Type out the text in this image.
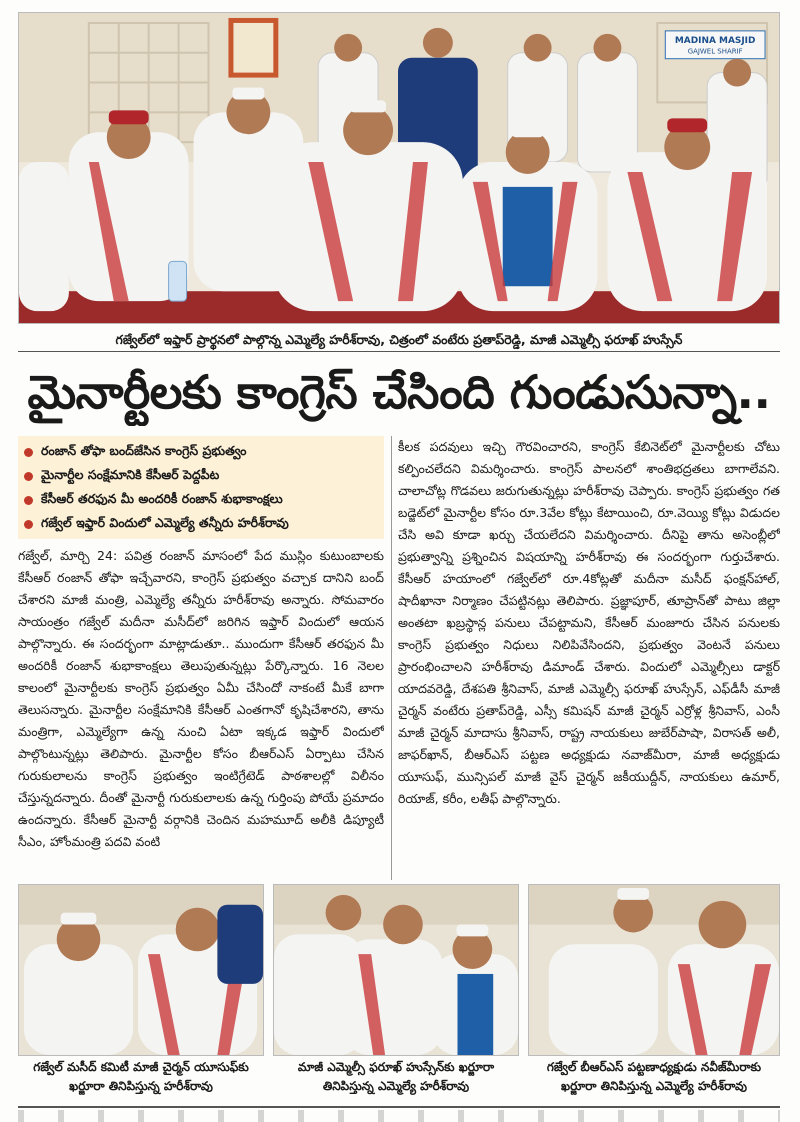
MADINA MASJID
GAJWEL SHARIF
గజ్వేల్‌లో ఇఫ్తార్ ప్రార్థనలో పాల్గొన్న ఎమ్మెల్యే హరీశ్‌రావు, చిత్రంలో వంటేరు ప్రతాప్‌రెడ్డి, మాజీ ఎమ్మెల్సీ ఫరూఖ్ హుస్సేన్
మైనార్టీలకు కాంగ్రెస్ చేసింది గుండుసున్నా..
రంజాన్ తోఫా బంద్‌జేసిన కాంగ్రెస్ ప్రభుత్వం
మైనార్టీల సంక్షేమానికి కేసీఆర్ పెద్దపీట
కేసీఆర్ తరఫున మీ అందరికీ రంజాన్ శుభాకాంక్షలు
గజ్వేల్ ఇఫ్తార్ విందులో ఎమ్మెల్యే తన్నీరు హరీశ్‌రావు

గజ్వేల్, మార్చి 24: పవిత్ర రంజాన్ మాసంలో పేద ముస్లిం కుటుంబాలకు కేసీఆర్ రంజాన్ తోఫా ఇచ్చేవారని, కాంగ్రెస్ ప్రభుత్వం వచ్చాక దానిని బంద్ చేశారని మాజీ మంత్రి, ఎమ్మెల్యే తన్నీరు హరీశ్‌రావు అన్నారు. సోమవారం సాయంత్రం గజ్వేల్ మదీనా మసీద్‌లో జరిగిన ఇఫ్తార్ విందులో ఆయన పాల్గొన్నారు. ఈ సందర్భంగా మాట్లాడుతూ.. ముందుగా కేసీఆర్ తరఫున మీ అందరికీ రంజాన్ శుభాకాంక్షలు తెలుపుతున్నట్లు పేర్కొన్నారు. 16 నెలల కాలంలో మైనార్టీలకు కాంగ్రెస్ ప్రభుత్వం ఏమీ చేసిందో నాకంటే మీకే బాగా తెలుసన్నారు. మైనార్టీల సంక్షేమానికి కేసీఆర్ ఎంతగానో కృషిచేశారని, తాను మంత్రిగా, ఎమ్మెల్యేగా ఉన్న నుంచి ఏటా ఇక్కడ ఇఫ్తార్ విందులో పాల్గొంటున్నట్లు తెలిపారు. మైనార్టీల కోసం బీఆర్‌ఎస్ ఏర్పాటు చేసిన గురుకులాలను కాంగ్రెస్ ప్రభుత్వం ఇంటిగ్రేటెడ్ పాఠశాలల్లో విలీనం చేస్తున్నదన్నారు. దీంతో మైనార్టీ గురుకులాలకు ఉన్న గుర్తింపు పోయే ప్రమాదం ఉందన్నారు. కేసీఆర్ మైనార్టీ వర్గానికి చెందిన మహమూద్ అలీకి డిప్యూటీ సీఎం, హోంమంత్రి పదవి వంటి

కీలక పదవులు ఇచ్చి గౌరవించారని, కాంగ్రెస్ కేబినెట్‌లో మైనార్టీలకు చోటు కల్పించలేదని విమర్శించారు. కాంగ్రెస్ పాలనలో శాంతిభద్రతలు బాగాలేవని. చాలాచోట్ల గొడవలు జరుగుతున్నట్లు హరీశ్‌రావు చెప్పారు. కాంగ్రెస్ ప్రభుత్వం గత బడ్జెట్‌లో మైనార్టీల కోసం రూ.3వేల కోట్లు కేటాయించి, రూ.వెయ్యి కోట్లు విడుదల చేసి అవి కూడా ఖర్చు చేయలేదని విమర్శించారు. దీనిపై తాను అసెంబ్లీలో ప్రభుత్వాన్ని ప్రశ్నించిన విషయాన్ని హరీశ్‌రావు ఈ సందర్భంగా గుర్తుచేశారు. కేసీఆర్ హయాంలో గజ్వేల్‌లో రూ.4కోట్లతో మదీనా మసీద్ ఫంక్షన్‌హాల్, షాదీఖానా నిర్మాణం చేపట్టినట్లు తెలిపారు. ప్రజ్ఞాపూర్, తూప్రాన్‌తో పాటు జిల్లా అంతటా ఖబ్రస్థాన్ల పనులు చేపట్టామని, కేసీఆర్ మంజూరు చేసిన పనులకు కాంగ్రెస్ ప్రభుత్వం నిధులు నిలిపివేసిందని, ప్రభుత్వం వెంటనే పనులు ప్రారంభించాలని హరీశ్‌రావు డిమాండ్ చేశారు. విందులో ఎమ్మెల్సీలు డాక్టర్ యాదవరెడ్డి, దేశపతి శ్రీనివాస్, మాజీ ఎమ్మెల్సీ ఫరూఖ్ హుస్సేన్, ఎఫ్‌డీసీ మాజీ చైర్మన్ వంటేరు ప్రతాప్‌రెడ్డి, ఎస్సీ కమిషన్ మాజీ చైర్మన్ ఎర్రోళ్ల శ్రీనివాస్, ఎంసీ మాజీ చైర్మన్ మాదాసు శ్రీనివాస్, రాష్ట్ర నాయకులు జుబేర్‌పాషా, విరాసత్ అలీ, జాఫర్‌ఖాన్, బీఆర్‌ఎస్ పట్టణ అధ్యక్షుడు నవాజ్‌మీరా, మాజీ అధ్యక్షుడు యూసుఫ్, మున్సిపల్ మాజీ వైస్ చైర్మన్ జకీయుద్దీన్, నాయకులు ఉమార్, రియాజ్, కరీం, లతీఫ్ పాల్గొన్నారు.

గజ్వేల్ మసీద్ కమిటీ మాజీ చైర్మన్ యూసుఫ్‌కు ఖర్జూరా తినిపిస్తున్న హరీశ్‌రావు
మాజీ ఎమ్మెల్సీ ఫరూఖ్ హుస్సేన్‌కు ఖర్జూరా తినిపిస్తున్న ఎమ్మెల్యే హరీశ్‌రావు
గజ్వేల్ బీఆర్‌ఎస్ పట్టణాధ్యక్షుడు నవీజ్‌మీరాకు ఖర్జూరా తినిపిస్తున్న ఎమ్మెల్యే హరీశ్‌రావు
